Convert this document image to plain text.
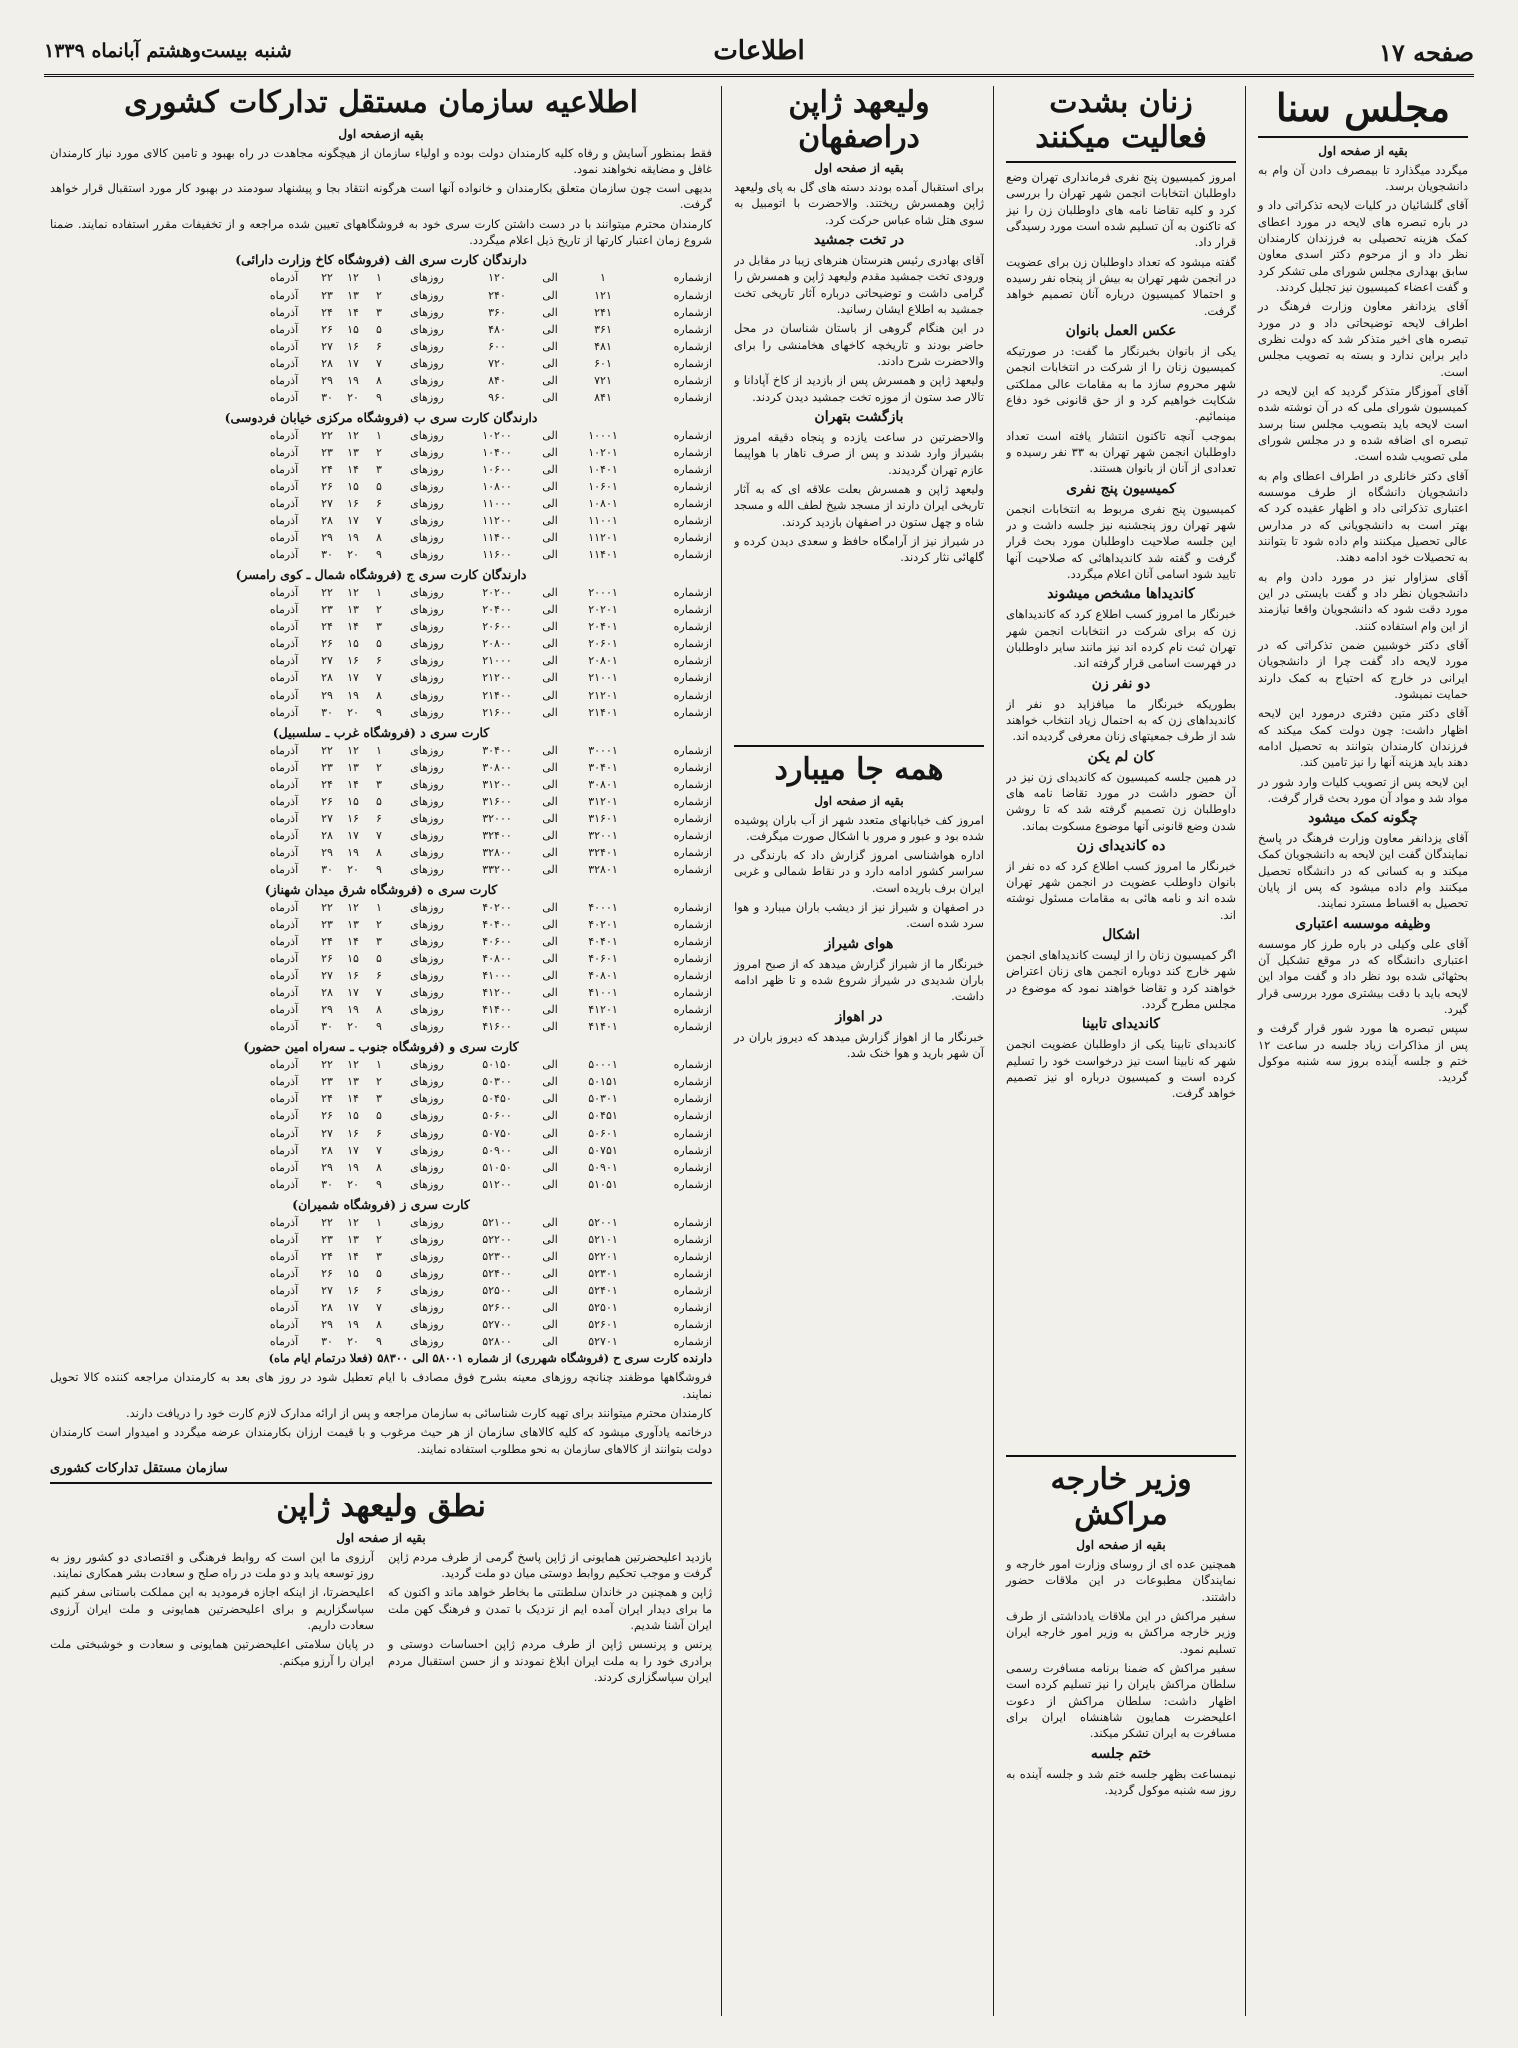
صفحه ۱۷
اطلاعات
شنبه بیست‌وهشتم آبانماه ۱۳۳۹
مجلس سنا
بقیه از صفحه اول
میگردد میگذارد تا بیمصرف دادن آن وام به دانشجویان برسد.
آقای گلشائیان در کلیات لایحه تذکراتی داد و در باره تبصره های لایحه در مورد اعطای کمک هزینه تحصیلی به فرزندان کارمندان نظر داد و از مرحوم دکتر اسدی معاون سابق بهداری مجلس شورای ملی تشکر کرد و گفت اعضاء کمیسیون نیز تجلیل کردند.
آقای یزدانفر معاون وزارت فرهنگ در اطراف لایحه توضیحاتی داد و در مورد تبصره های اخیر متذکر شد که دولت نظری دایر براین ندارد و بسته به تصویب مجلس است.
آقای آموزگار متذکر گردید که این لایحه در کمیسیون شورای ملی که در آن نوشته شده است لایحه باید بتصویب مجلس سنا برسد تبصره ای اضافه شده و در مجلس شورای ملی تصویب شده است.
آقای دکتر خانلری در اطراف اعطای وام به دانشجویان دانشگاه از طرف موسسه اعتباری تذکراتی داد و اظهار عقیده کرد که بهتر است به دانشجویانی که در مدارس عالی تحصیل میکنند وام داده شود تا بتوانند به تحصیلات خود ادامه دهند.
آقای سزاوار نیز در مورد دادن وام به دانشجویان نظر داد و گفت بایستی در این مورد دقت شود که دانشجویان واقعا نیازمند از این وام استفاده کنند.
آقای دکتر خوشبین ضمن تذکراتی که در مورد لایحه داد گفت چرا از دانشجویان ایرانی در خارج که احتیاج به کمک دارند حمایت نمیشود.
آقای دکتر متین دفتری درمورد این لایحه اظهار داشت: چون دولت کمک میکند که فرزندان کارمندان بتوانند به تحصیل ادامه دهند باید هزینه آنها را نیز تامین کند.
این لایحه پس از تصویب کلیات وارد شور در مواد شد و مواد آن مورد بحث قرار گرفت.
چگونه کمک میشود
آقای یزدانفر معاون وزارت فرهنگ در پاسخ نمایندگان گفت این لایحه به دانشجویان کمک میکند و به کسانی که در دانشگاه تحصیل میکنند وام داده میشود که پس از پایان تحصیل به اقساط مسترد نمایند.
وظیفه موسسه اعتباری
آقای علی وکیلی در باره طرز کار موسسه اعتباری دانشگاه که در موقع تشکیل آن بحثهائی شده بود نظر داد و گفت مواد این لایحه باید با دقت بیشتری مورد بررسی قرار گیرد.
سپس تبصره ها مورد شور قرار گرفت و پس از مذاکرات زیاد جلسه در ساعت ۱۲ ختم و جلسه آینده بروز سه شنبه موکول گردید.
زنان بشدت فعالیت میکنند
امروز کمیسیون پنج نفری فرمانداری تهران وضع داوطلبان انتخابات انجمن شهر تهران را بررسی کرد و کلیه تقاضا نامه های داوطلبان زن را نیز که تاکنون به آن تسلیم شده است مورد رسیدگی قرار داد.
گفته میشود که تعداد داوطلبان زن برای عضویت در انجمن شهر تهران به بیش از پنجاه نفر رسیده و احتمالا کمیسیون درباره آنان تصمیم خواهد گرفت.
عکس العمل بانوان
یکی از بانوان بخبرنگار ما گفت: در صورتیکه کمیسیون زنان را از شرکت در انتخابات انجمن شهر محروم سازد ما به مقامات عالی مملکتی شکایت خواهیم کرد و از حق قانونی خود دفاع مینمائیم.
بموجب آنچه تاکنون انتشار یافته است تعداد داوطلبان انجمن شهر تهران به ۳۳ نفر رسیده و تعدادی از آنان از بانوان هستند.
کمیسیون پنج نفری
کمیسیون پنج نفری مربوط به انتخابات انجمن شهر تهران روز پنجشنبه نیز جلسه داشت و در این جلسه صلاحیت داوطلبان مورد بحث قرار گرفت و گفته شد کاندیداهائی که صلاحیت آنها تایید شود اسامی آنان اعلام میگردد.
کاندیداها مشخص میشوند
خبرنگار ما امروز کسب اطلاع کرد که کاندیداهای زن که برای شرکت در انتخابات انجمن شهر تهران ثبت نام کرده اند نیز مانند سایر داوطلبان در فهرست اسامی قرار گرفته اند.
دو نفر زن
بطوریکه خبرنگار ما میافزاید دو نفر از کاندیداهای زن که به احتمال زیاد انتخاب خواهند شد از طرف جمعیتهای زنان معرفی گردیده اند.
کان لم یکن
در همین جلسه کمیسیون که کاندیدای زن نیز در آن حضور داشت در مورد تقاضا نامه های داوطلبان زن تصمیم گرفته شد که تا روشن شدن وضع قانونی آنها موضوع مسکوت بماند.
ده کاندیدای زن
خبرنگار ما امروز کسب اطلاع کرد که ده نفر از بانوان داوطلب عضویت در انجمن شهر تهران شده اند و نامه هائی به مقامات مسئول نوشته اند.
اشکال
اگر کمیسیون زنان را از لیست کاندیداهای انجمن شهر خارج کند دوباره انجمن های زنان اعتراض خواهند کرد و تقاضا خواهند نمود که موضوع در مجلس مطرح گردد.
کاندیدای تابینا
کاندیدای تابینا یکی از داوطلبان عضویت انجمن شهر که نابینا است نیز درخواست خود را تسلیم کرده است و کمیسیون درباره او نیز تصمیم خواهد گرفت.
وزیر خارجه مراکش
بقیه از صفحه اول
همچنین عده ای از روسای وزارت امور خارجه و نمایندگان مطبوعات در این ملاقات حضور داشتند.
سفیر مراکش در این ملاقات یادداشتی از طرف وزیر خارجه مراکش به وزیر امور خارجه ایران تسلیم نمود.
سفیر مراکش که ضمنا برنامه مسافرت رسمی سلطان مراکش بایران را نیز تسلیم کرده است اظهار داشت: سلطان مراکش از دعوت اعلیحضرت همایون شاهنشاه ایران برای مسافرت به ایران تشکر میکند.
ختم جلسه
نیمساعت بظهر جلسه ختم شد و جلسه آینده به روز سه شنبه موکول گردید.
ولیعهد ژاپن دراصفهان
بقیه از صفحه اول
برای استقبال آمده بودند دسته های گل به پای ولیعهد ژاپن وهمسرش ریختند. والاحضرت با اتومبیل به سوی هتل شاه عباس حرکت کرد.
در تخت جمشید
آقای بهادری رئیس هنرستان هنرهای زیبا در مقابل در ورودی تخت جمشید مقدم ولیعهد ژاپن و همسرش را گرامی داشت و توضیحاتی درباره آثار تاریخی تخت جمشید به اطلاع ایشان رسانید.
در این هنگام گروهی از باستان شناسان در محل حاضر بودند و تاریخچه کاخهای هخامنشی را برای والاحضرت شرح دادند.
ولیعهد ژاپن و همسرش پس از بازدید از کاخ آپادانا و تالار صد ستون از موزه تخت جمشید دیدن کردند.
بازگشت بتهران
والاحضرتین در ساعت یازده و پنجاه دقیقه امروز بشیراز وارد شدند و پس از صرف ناهار با هواپیما عازم تهران گردیدند.
ولیعهد ژاپن و همسرش بعلت علاقه ای که به آثار تاریخی ایران دارند از مسجد شیخ لطف الله و مسجد شاه و چهل ستون در اصفهان بازدید کردند.
در شیراز نیز از آرامگاه حافظ و سعدی دیدن کرده و گلهائی نثار کردند.
همه جا میبارد
بقیه از صفحه اول
امروز کف خیابانهای متعدد شهر از آب باران پوشیده شده بود و عبور و مرور با اشکال صورت میگرفت.
اداره هواشناسی امروز گزارش داد که بارندگی در سراسر کشور ادامه دارد و در نقاط شمالی و غربی ایران برف باریده است.
در اصفهان و شیراز نیز از دیشب باران میبارد و هوا سرد شده است.
هوای شیراز
خبرنگار ما از شیراز گزارش میدهد که از صبح امروز باران شدیدی در شیراز شروع شده و تا ظهر ادامه داشت.
در اهواز
خبرنگار ما از اهواز گزارش میدهد که دیروز باران در آن شهر بارید و هوا خنک شد.
اطلاعیه سازمان مستقل تدارکات کشوری
بقیه ازصفحه اول
فقط بمنظور آسایش و رفاه کلیه کارمندان دولت بوده و اولیاء سازمان از هیچگونه مجاهدت در راه بهبود و تامین کالای مورد نیاز کارمندان غافل و مضایقه نخواهند نمود.
بدیهی است چون سازمان متعلق بکارمندان و خانواده آنها است هرگونه انتقاد بجا و پیشنهاد سودمند در بهبود کار مورد استقبال قرار خواهد گرفت.
کارمندان محترم میتوانند با در دست داشتن کارت سری خود به فروشگاههای تعیین شده مراجعه و از تخفیفات مقرر استفاده نمایند. ضمنا شروع زمان اعتبار کارتها از تاریخ ذیل اعلام میگردد.
دارندگان کارت سری الف (فروشگاه کاخ وزارت دارائی)
ازشماره
۱
الی
۱۲۰
روزهای
۱
۱۲
۲۲
آذرماه
ازشماره
۱۲۱
الی
۲۴۰
روزهای
۲
۱۳
۲۳
آذرماه
ازشماره
۲۴۱
الی
۳۶۰
روزهای
۳
۱۴
۲۴
آذرماه
ازشماره
۳۶۱
الی
۴۸۰
روزهای
۵
۱۵
۲۶
آذرماه
ازشماره
۴۸۱
الی
۶۰۰
روزهای
۶
۱۶
۲۷
آذرماه
ازشماره
۶۰۱
الی
۷۲۰
روزهای
۷
۱۷
۲۸
آذرماه
ازشماره
۷۲۱
الی
۸۴۰
روزهای
۸
۱۹
۲۹
آذرماه
ازشماره
۸۴۱
الی
۹۶۰
روزهای
۹
۲۰
۳۰
آذرماه
دارندگان کارت سری ب (فروشگاه مرکزی خیابان فردوسی)
ازشماره
۱۰۰۰۱
الی
۱۰۲۰۰
روزهای
۱
۱۲
۲۲
آذرماه
ازشماره
۱۰۲۰۱
الی
۱۰۴۰۰
روزهای
۲
۱۳
۲۳
آذرماه
ازشماره
۱۰۴۰۱
الی
۱۰۶۰۰
روزهای
۳
۱۴
۲۴
آذرماه
ازشماره
۱۰۶۰۱
الی
۱۰۸۰۰
روزهای
۵
۱۵
۲۶
آذرماه
ازشماره
۱۰۸۰۱
الی
۱۱۰۰۰
روزهای
۶
۱۶
۲۷
آذرماه
ازشماره
۱۱۰۰۱
الی
۱۱۲۰۰
روزهای
۷
۱۷
۲۸
آذرماه
ازشماره
۱۱۲۰۱
الی
۱۱۴۰۰
روزهای
۸
۱۹
۲۹
آذرماه
ازشماره
۱۱۴۰۱
الی
۱۱۶۰۰
روزهای
۹
۲۰
۳۰
آذرماه
دارندگان کارت سری ج (فروشگاه شمال ـ کوی رامسر)
ازشماره
۲۰۰۰۱
الی
۲۰۲۰۰
روزهای
۱
۱۲
۲۲
آذرماه
ازشماره
۲۰۲۰۱
الی
۲۰۴۰۰
روزهای
۲
۱۳
۲۳
آذرماه
ازشماره
۲۰۴۰۱
الی
۲۰۶۰۰
روزهای
۳
۱۴
۲۴
آذرماه
ازشماره
۲۰۶۰۱
الی
۲۰۸۰۰
روزهای
۵
۱۵
۲۶
آذرماه
ازشماره
۲۰۸۰۱
الی
۲۱۰۰۰
روزهای
۶
۱۶
۲۷
آذرماه
ازشماره
۲۱۰۰۱
الی
۲۱۲۰۰
روزهای
۷
۱۷
۲۸
آذرماه
ازشماره
۲۱۲۰۱
الی
۲۱۴۰۰
روزهای
۸
۱۹
۲۹
آذرماه
ازشماره
۲۱۴۰۱
الی
۲۱۶۰۰
روزهای
۹
۲۰
۳۰
آذرماه
کارت سری د (فروشگاه غرب ـ سلسبیل)
ازشماره
۳۰۰۰۱
الی
۳۰۴۰۰
روزهای
۱
۱۲
۲۲
آذرماه
ازشماره
۳۰۴۰۱
الی
۳۰۸۰۰
روزهای
۲
۱۳
۲۳
آذرماه
ازشماره
۳۰۸۰۱
الی
۳۱۲۰۰
روزهای
۳
۱۴
۲۴
آذرماه
ازشماره
۳۱۲۰۱
الی
۳۱۶۰۰
روزهای
۵
۱۵
۲۶
آذرماه
ازشماره
۳۱۶۰۱
الی
۳۲۰۰۰
روزهای
۶
۱۶
۲۷
آذرماه
ازشماره
۳۲۰۰۱
الی
۳۲۴۰۰
روزهای
۷
۱۷
۲۸
آذرماه
ازشماره
۳۲۴۰۱
الی
۳۲۸۰۰
روزهای
۸
۱۹
۲۹
آذرماه
ازشماره
۳۲۸۰۱
الی
۳۳۲۰۰
روزهای
۹
۲۰
۳۰
آذرماه
کارت سری ه (فروشگاه شرق میدان شهناز)
ازشماره
۴۰۰۰۱
الی
۴۰۲۰۰
روزهای
۱
۱۲
۲۲
آذرماه
ازشماره
۴۰۲۰۱
الی
۴۰۴۰۰
روزهای
۲
۱۳
۲۳
آذرماه
ازشماره
۴۰۴۰۱
الی
۴۰۶۰۰
روزهای
۳
۱۴
۲۴
آذرماه
ازشماره
۴۰۶۰۱
الی
۴۰۸۰۰
روزهای
۵
۱۵
۲۶
آذرماه
ازشماره
۴۰۸۰۱
الی
۴۱۰۰۰
روزهای
۶
۱۶
۲۷
آذرماه
ازشماره
۴۱۰۰۱
الی
۴۱۲۰۰
روزهای
۷
۱۷
۲۸
آذرماه
ازشماره
۴۱۲۰۱
الی
۴۱۴۰۰
روزهای
۸
۱۹
۲۹
آذرماه
ازشماره
۴۱۴۰۱
الی
۴۱۶۰۰
روزهای
۹
۲۰
۳۰
آذرماه
کارت سری و (فروشگاه جنوب ـ سه‌راه امین حضور)
ازشماره
۵۰۰۰۱
الی
۵۰۱۵۰
روزهای
۱
۱۲
۲۲
آذرماه
ازشماره
۵۰۱۵۱
الی
۵۰۳۰۰
روزهای
۲
۱۳
۲۳
آذرماه
ازشماره
۵۰۳۰۱
الی
۵۰۴۵۰
روزهای
۳
۱۴
۲۴
آذرماه
ازشماره
۵۰۴۵۱
الی
۵۰۶۰۰
روزهای
۵
۱۵
۲۶
آذرماه
ازشماره
۵۰۶۰۱
الی
۵۰۷۵۰
روزهای
۶
۱۶
۲۷
آذرماه
ازشماره
۵۰۷۵۱
الی
۵۰۹۰۰
روزهای
۷
۱۷
۲۸
آذرماه
ازشماره
۵۰۹۰۱
الی
۵۱۰۵۰
روزهای
۸
۱۹
۲۹
آذرماه
ازشماره
۵۱۰۵۱
الی
۵۱۲۰۰
روزهای
۹
۲۰
۳۰
آذرماه
کارت سری ز (فروشگاه شمیران)
ازشماره
۵۲۰۰۱
الی
۵۲۱۰۰
روزهای
۱
۱۲
۲۲
آذرماه
ازشماره
۵۲۱۰۱
الی
۵۲۲۰۰
روزهای
۲
۱۳
۲۳
آذرماه
ازشماره
۵۲۲۰۱
الی
۵۲۳۰۰
روزهای
۳
۱۴
۲۴
آذرماه
ازشماره
۵۲۳۰۱
الی
۵۲۴۰۰
روزهای
۵
۱۵
۲۶
آذرماه
ازشماره
۵۲۴۰۱
الی
۵۲۵۰۰
روزهای
۶
۱۶
۲۷
آذرماه
ازشماره
۵۲۵۰۱
الی
۵۲۶۰۰
روزهای
۷
۱۷
۲۸
آذرماه
ازشماره
۵۲۶۰۱
الی
۵۲۷۰۰
روزهای
۸
۱۹
۲۹
آذرماه
ازشماره
۵۲۷۰۱
الی
۵۲۸۰۰
روزهای
۹
۲۰
۳۰
آذرماه
دارنده کارت سری ح (فروشگاه شهرری) از شماره ۵۸۰۰۱ الی ۵۸۳۰۰ (فعلا درتمام ایام ماه)
فروشگاهها موظفند چنانچه روزهای معینه بشرح فوق مصادف با ایام تعطیل شود در روز های بعد به کارمندان مراجعه کننده کالا تحویل نمایند.
کارمندان محترم میتوانند برای تهیه کارت شناسائی به سازمان مراجعه و پس از ارائه مدارک لازم کارت خود را دریافت دارند.
درخاتمه یادآوری میشود که کلیه کالاهای سازمان از هر حیث مرغوب و با قیمت ارزان بکارمندان عرضه میگردد و امیدوار است کارمندان دولت بتوانند از کالاهای سازمان به نحو مطلوب استفاده نمایند.
سازمان مستقل تدارکات کشوری
نطق ولیعهد ژاپن
بقیه از صفحه اول
بازدید اعلیحضرتین همایونی از ژاپن پاسخ گرمی از طرف مردم ژاپن گرفت و موجب تحکیم روابط دوستی میان دو ملت گردید.
ژاپن و همچنین در خاندان سلطنتی ما بخاطر خواهد ماند و اکنون که ما برای دیدار ایران آمده ایم از نزدیک با تمدن و فرهنگ کهن ملت ایران آشنا شدیم.
پرنس و پرنسس ژاپن از طرف مردم ژاپن احساسات دوستی و برادری خود را به ملت ایران ابلاغ نمودند و از حسن استقبال مردم ایران سپاسگزاری کردند.
آرزوی ما این است که روابط فرهنگی و اقتصادی دو کشور روز به روز توسعه یابد و دو ملت در راه صلح و سعادت بشر همکاری نمایند.
اعلیحضرتا، از اینکه اجازه فرمودید به این مملکت باستانی سفر کنیم سپاسگزاریم و برای اعلیحضرتین همایونی و ملت ایران آرزوی سعادت داریم.
در پایان سلامتی اعلیحضرتین همایونی و سعادت و خوشبختی ملت ایران را آرزو میکنم.
